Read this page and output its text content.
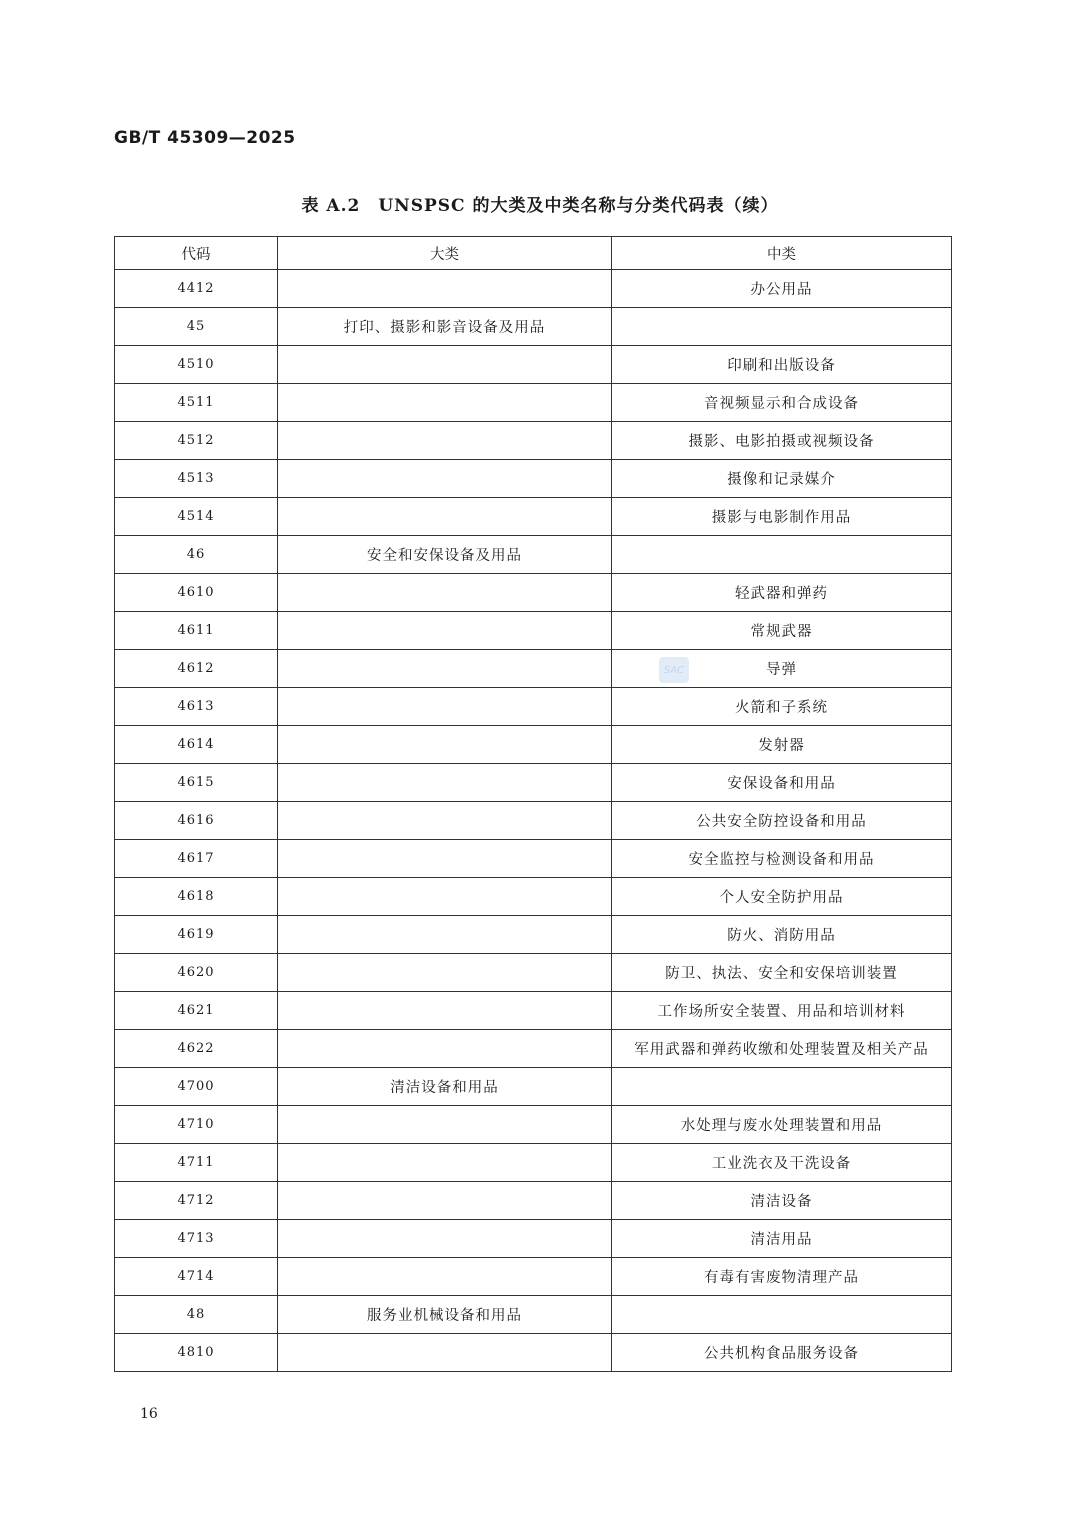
GB/T 45309—2025
表 A.2　UNSPSC 的大类及中类名称与分类代码表（续）
代码	大类	中类
4412		办公用品
45	打印、摄影和影音设备及用品	
4510		印刷和出版设备
4511		音视频显示和合成设备
4512		摄影、电影拍摄或视频设备
4513		摄像和记录媒介
4514		摄影与电影制作用品
46	安全和安保设备及用品	
4610		轻武器和弹药
4611		常规武器
4612		导弹
4613		火箭和子系统
4614		发射器
4615		安保设备和用品
4616		公共安全防控设备和用品
4617		安全监控与检测设备和用品
4618		个人安全防护用品
4619		防火、消防用品
4620		防卫、执法、安全和安保培训装置
4621		工作场所安全装置、用品和培训材料
4622		军用武器和弹药收缴和处理装置及相关产品
4700	清洁设备和用品	
4710		水处理与废水处理装置和用品
4711		工业洗衣及干洗设备
4712		清洁设备
4713		清洁用品
4714		有毒有害废物清理产品
48	服务业机械设备和用品	
4810		公共机构食品服务设备
SAC
16
